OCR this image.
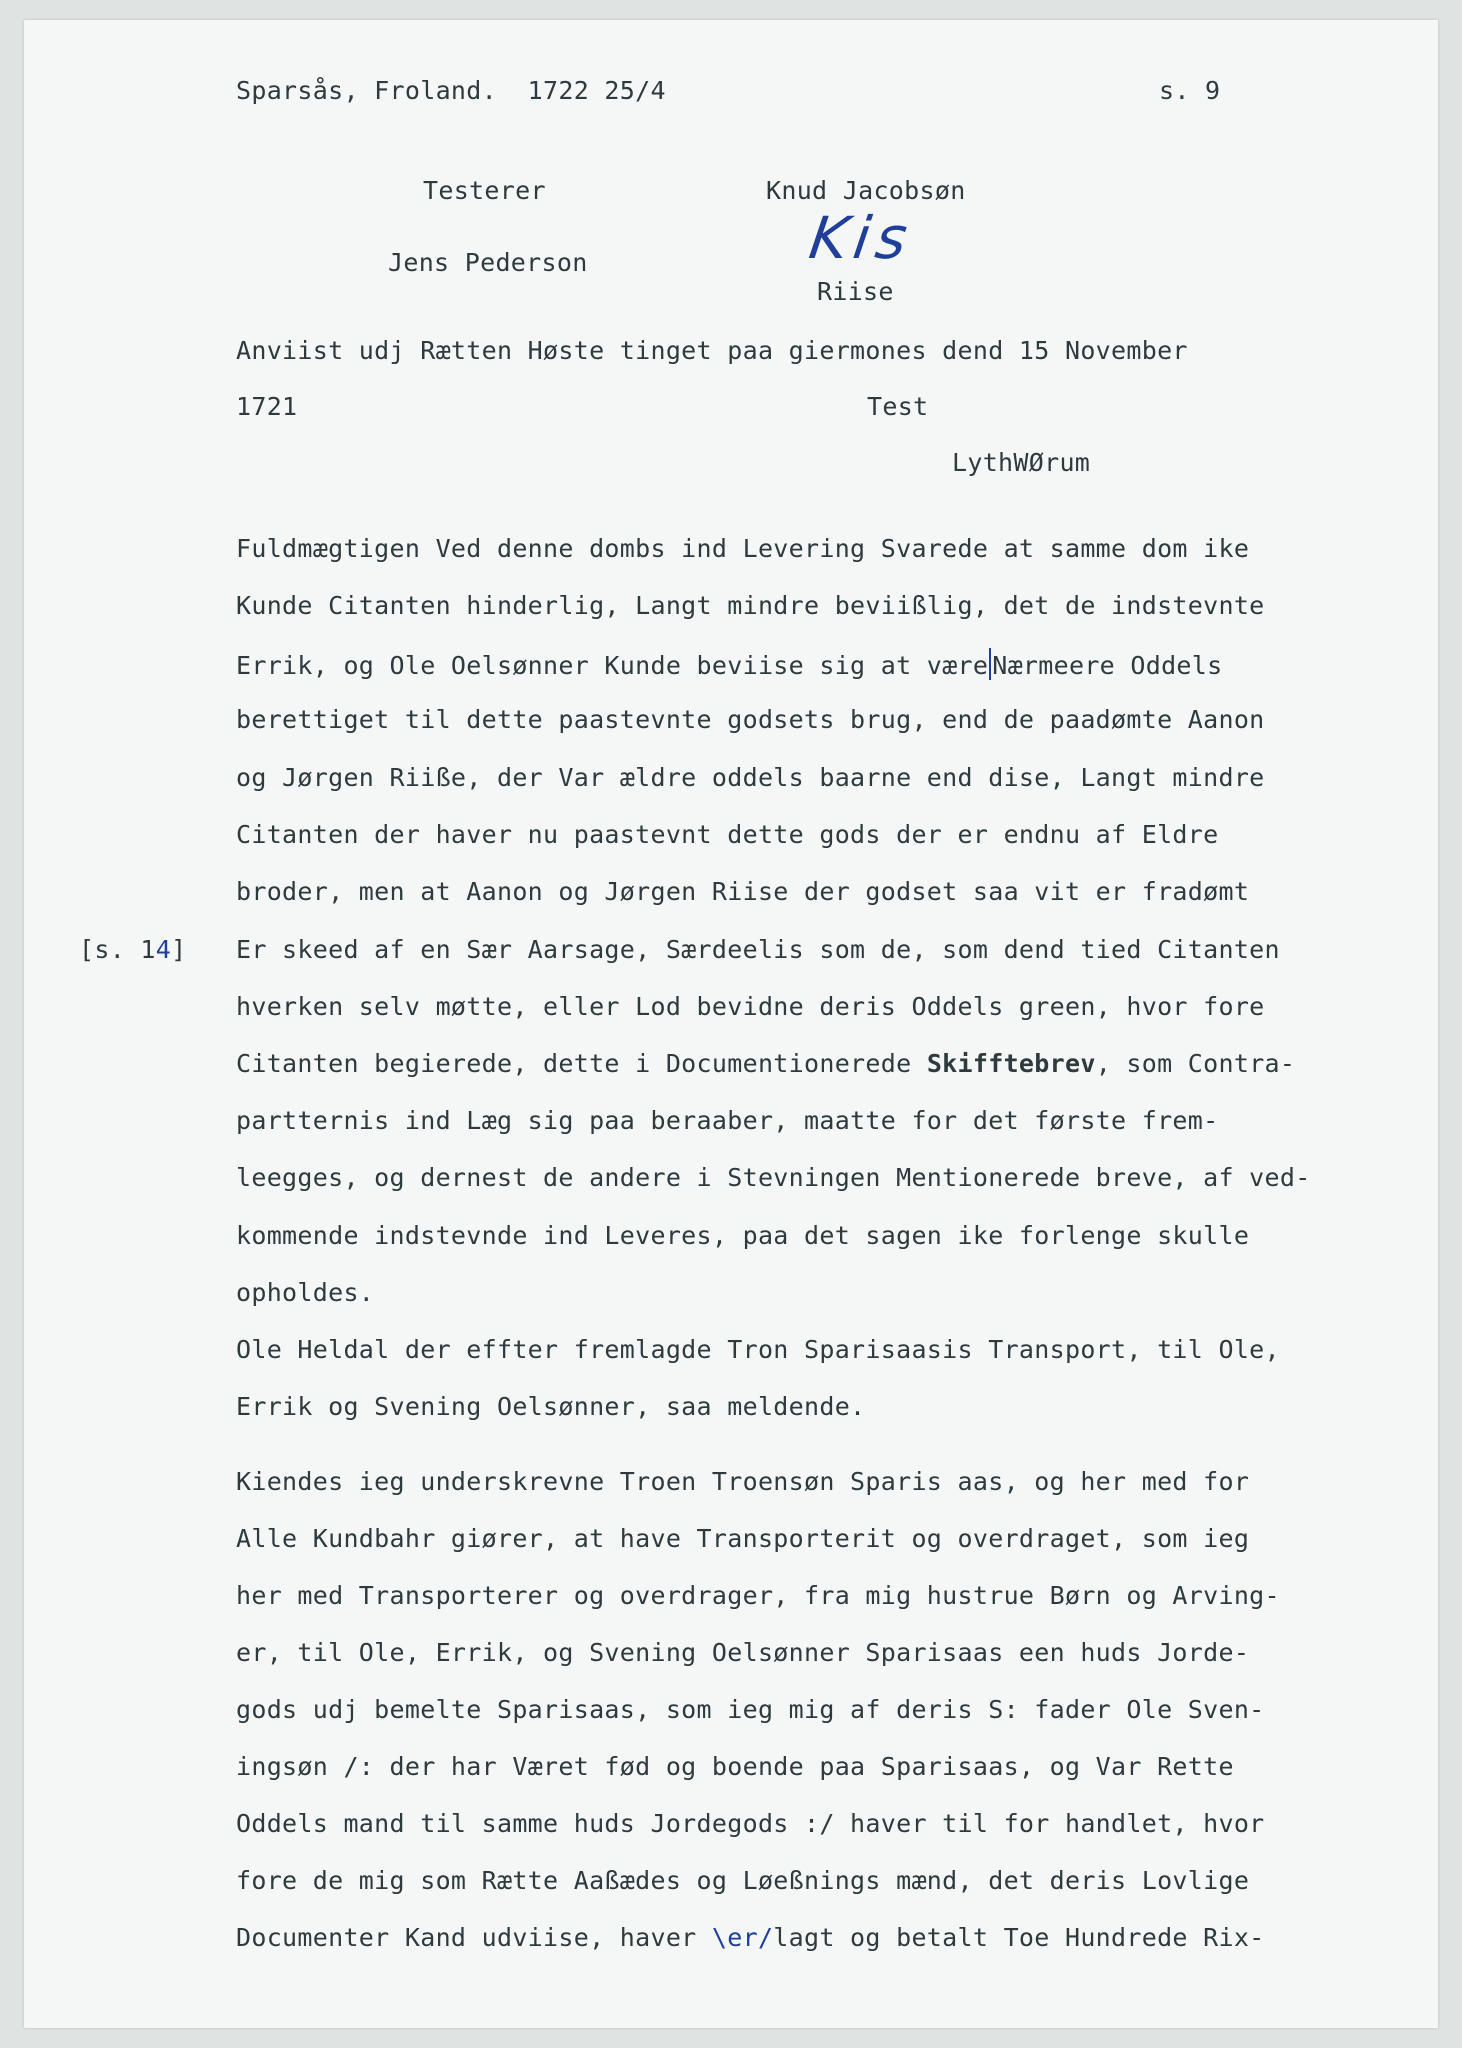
Sparsås, Froland.  1722 25/4	s. 9
Testerer	Knud Jacobsøn
Jens Pederson	Kis
Riise
Anviist udj Rætten Høste tinget paa giermones dend 15 November
1721	Test
LythWØrum
[s. 14]
Fuldmægtigen Ved denne dombs ind Levering Svarede at samme dom ike
Kunde Citanten hinderlig, Langt mindre beviißlig, det de indstevnte
Errik, og Ole Oelsønner Kunde beviise sig at være Nærmeere Oddels
berettiget til dette paastevnte godsets brug, end de paadømte Aanon
og Jørgen Riiße, der Var ældre oddels baarne end dise, Langt mindre
Citanten der haver nu paastevnt dette gods der er endnu af Eldre
broder, men at Aanon og Jørgen Riise der godset saa vit er fradømt
Er skeed af en Sær Aarsage, Særdeelis som de, som dend tied Citanten
hverken selv møtte, eller Lod bevidne deris Oddels green, hvor fore
Citanten begierede, dette i Documentionerede Skifftebrev, som Contra-
partternis ind Læg sig paa beraaber, maatte for det første frem-
leegges, og dernest de andere i Stevningen Mentionerede breve, af ved-
kommende indstevnde ind Leveres, paa det sagen ike forlenge skulle
opholdes.
Ole Heldal der effter fremlagde Tron Sparisaasis Transport, til Ole,
Errik og Svening Oelsønner, saa meldende.
Kiendes ieg underskrevne Troen Troensøn Sparis aas, og her med for
Alle Kundbahr giører, at have Transporterit og overdraget, som ieg
her med Transporterer og overdrager, fra mig hustrue Børn og Arving-
er, til Ole, Errik, og Svening Oelsønner Sparisaas een huds Jorde-
gods udj bemelte Sparisaas, som ieg mig af deris S: fader Ole Sven-
ingsøn /: der har Været fød og boende paa Sparisaas, og Var Rette
Oddels mand til samme huds Jordegods :/ haver til for handlet, hvor
fore de mig som Rætte Aaßædes og Løeßnings mænd, det deris Lovlige
Documenter Kand udviise, haver \er/lagt og betalt Toe Hundrede Rix-
